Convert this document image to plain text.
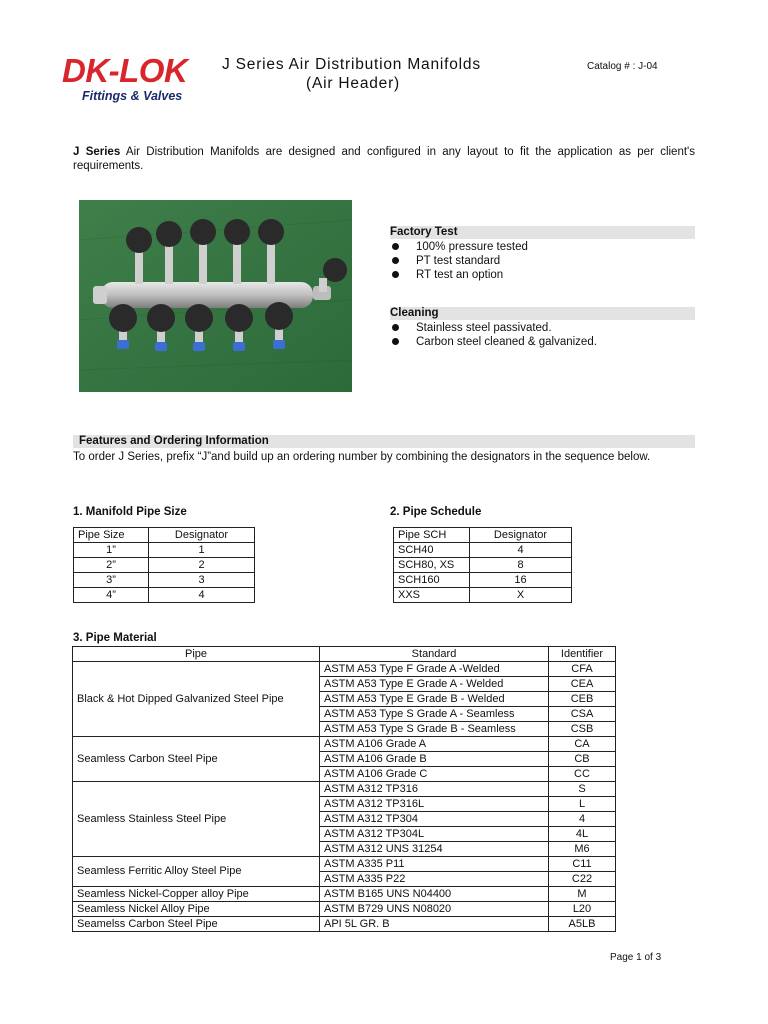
DK-LOK
Fittings & Valves
J Series Air Distribution Manifolds
(Air Header)
Catalog # : J-04

J Series Air Distribution Manifolds are designed and configured in any layout to fit the application as per client's requirements.

Factory Test
100% pressure tested
PT test standard
RT test an option
Cleaning
Stainless steel passivated.
Carbon steel cleaned & galvanized.
Features and Ordering Information

To order J Series, prefix “J”and build up an ordering number by combining the designators in the sequence below.

1. Manifold Pipe Size
Pipe Size	Designator
1”	1
2”	2
3”	3
4”	4
2. Pipe Schedule
Pipe SCH	Designator
SCH40	4
SCH80, XS	8
SCH160	16
XXS	X
3. Pipe Material
Pipe	Standard	Identifier
Black & Hot Dipped Galvanized Steel Pipe	ASTM A53 Type F Grade A -Welded	CFA
	ASTM A53 Type E Grade A - Welded	CEA
	ASTM A53 Type E Grade B - Welded	CEB
	ASTM A53 Type S Grade A - Seamless	CSA
	ASTM A53 Type S Grade B - Seamless	CSB
Seamless Carbon Steel Pipe	ASTM A106 Grade A	CA
	ASTM A106 Grade B	CB
	ASTM A106 Grade C	CC
Seamless Stainless Steel Pipe	ASTM A312 TP316	S
	ASTM A312 TP316L	L
	ASTM A312 TP304	4
	ASTM A312 TP304L	4L
	ASTM A312 UNS 31254	M6
Seamless Ferritic Alloy Steel Pipe	ASTM A335 P11	C11
	ASTM A335 P22	C22
Seamless Nickel-Copper alloy Pipe	ASTM B165 UNS N04400	M
Seamless Nickel Alloy Pipe	ASTM B729 UNS N08020	L20
Seamelss Carbon Steel Pipe	API 5L GR. B	A5LB
Page 1 of 3
